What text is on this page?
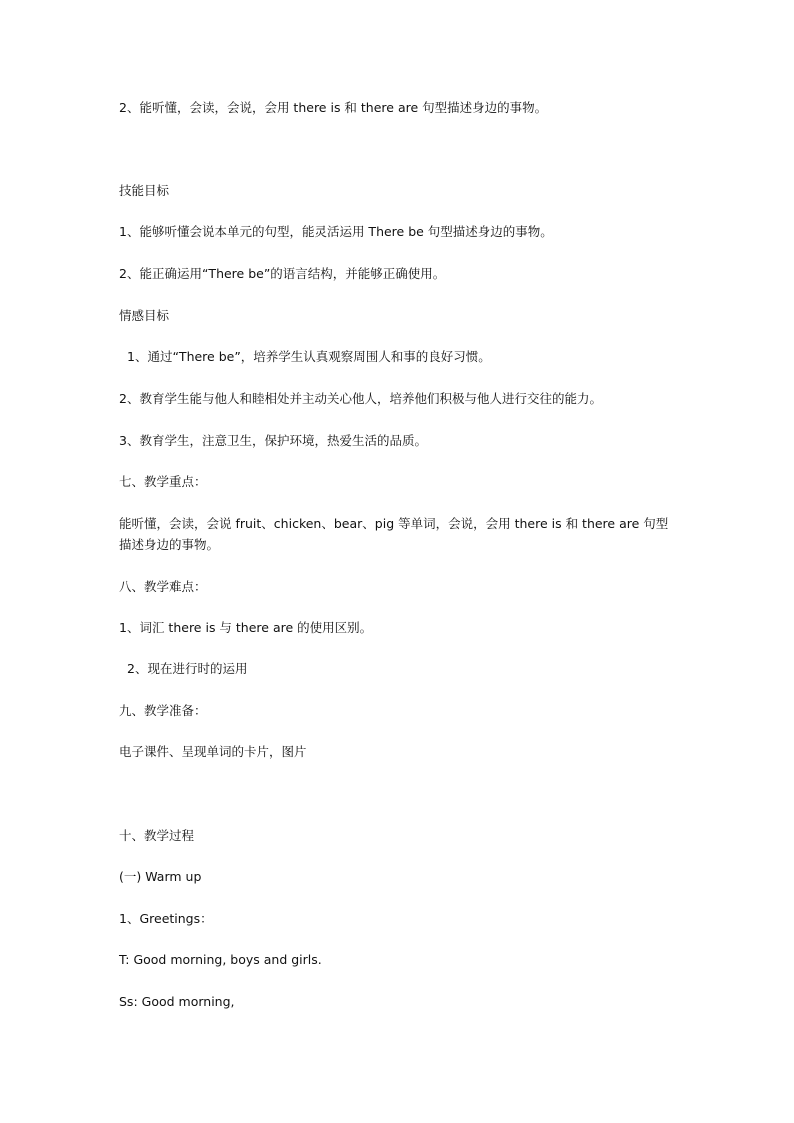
2、能听懂，会读，会说，会用 there is 和 there are 句型描述身边的事物。
技能目标
1、能够听懂会说本单元的句型，能灵活运用 There be 句型描述身边的事物。
2、能正确运用“There be”的语言结构，并能够正确使用。
情感目标
1、通过“There be”，培养学生认真观察周围人和事的良好习惯。
2、教育学生能与他人和睦相处并主动关心他人，培养他们积极与他人进行交往的能力。
3、教育学生，注意卫生，保护环境，热爱生活的品质。
七、教学重点：
能听懂，会读，会说 fruit、chicken、bear、pig 等单词，会说，会用 there is 和 there are 句型描述身边的事物。
八、教学难点：
1、词汇 there is 与 there are 的使用区别。
2、现在进行时的运用
九、教学准备：
电子课件、呈现单词的卡片，图片
十、教学过程
(一) Warm up
1、Greetings：
T: Good morning, boys and girls.
Ss: Good morning,
